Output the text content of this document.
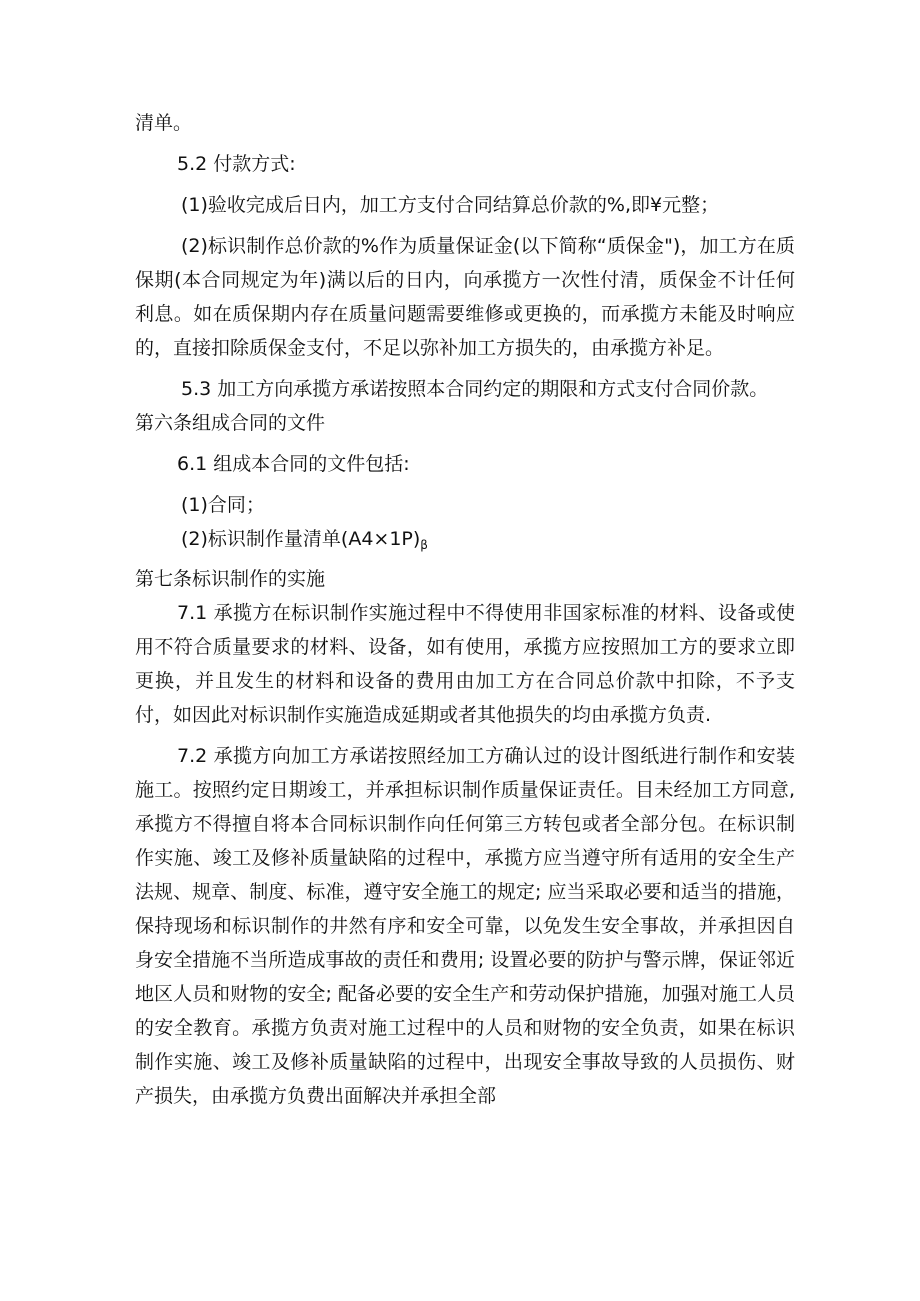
清单。

5.2 付款方式:

(1)验收完成后日内，加工方支付合同结算总价款的%,即¥元整；

(2)标识制作总价款的%作为质量保证金(以下简称“质保金")，加工方在质保期(本合同规定为年)满以后的日内，向承揽方一次性付清，质保金不计任何利息。如在质保期内存在质量问题需要维修或更换的，而承揽方未能及时响应的，直接扣除质保金支付，不足以弥补加工方损失的，由承揽方补足。

5.3 加工方向承揽方承诺按照本合同约定的期限和方式支付合同价款。

第六条组成合同的文件

6.1 组成本合同的文件包括:

(1)合同；

(2)标识制作量清单$(A4\times 1P)_\beta$

第七条标识制作的实施

7.1 承揽方在标识制作实施过程中不得使用非国家标准的材料、设备或使用不符合质量要求的材料、设备，如有使用，承揽方应按照加工方的要求立即更换，并且发生的材料和设备的费用由加工方在合同总价款中扣除，不予支付，如因此对标识制作实施造成延期或者其他损失的均由承揽方负责.

7.2 承揽方向加工方承诺按照经加工方确认过的设计图纸进行制作和安装施工。按照约定日期竣工，并承担标识制作质量保证责任。目未经加工方同意,承揽方不得擅自将本合同标识制作向任何第三方转包或者全部分包。在标识制作实施、竣工及修补质量缺陷的过程中，承揽方应当遵守所有适用的安全生产法规、规章、制度、标准，遵守安全施工的规定; 应当采取必要和适当的措施，保持现场和标识制作的井然有序和安全可靠，以免发生安全事故，并承担因自身安全措施不当所造成事故的责任和费用; 设置必要的防护与警示牌，保证邻近地区人员和财物的安全; 配备必要的安全生产和劳动保护措施，加强对施工人员的安全教育。承揽方负责对施工过程中的人员和财物的安全负责，如果在标识制作实施、竣工及修补质量缺陷的过程中，出现安全事故导致的人员损伤、财产损失，由承揽方负费出面解决并承担全部
